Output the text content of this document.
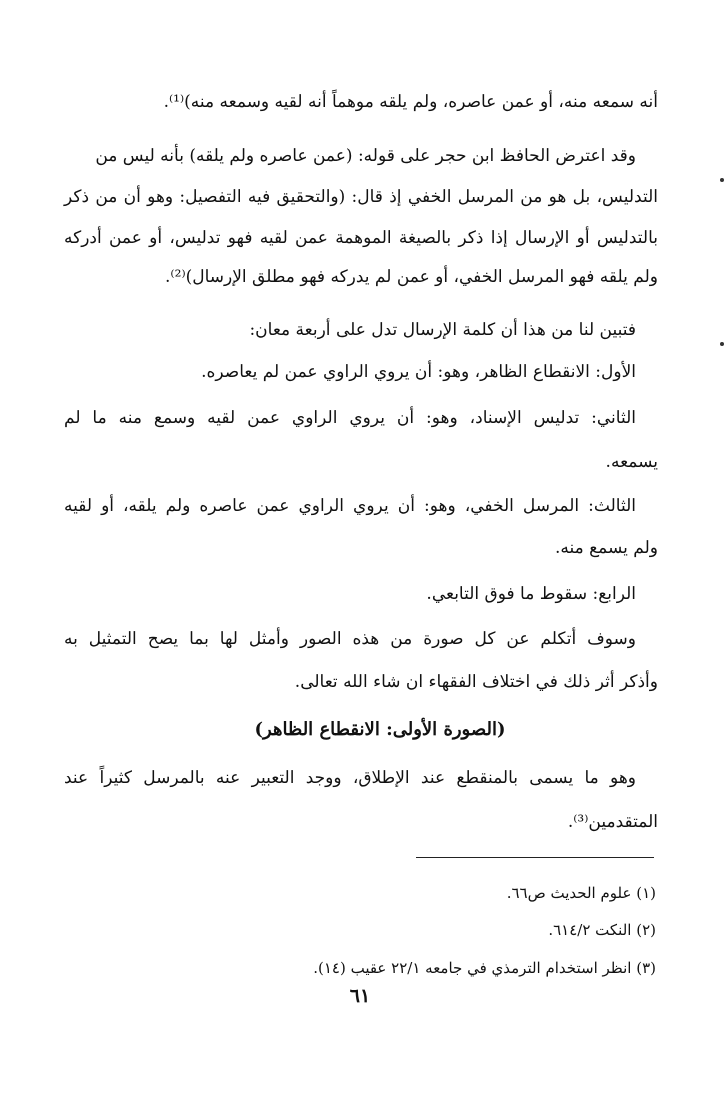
أنه سمعه منه، أو عمن عاصره، ولم يلقه موهماً أنه لقيه وسمعه منه)⁽¹⁾.
وقد اعترض الحافظ ابن حجر على قوله: (عمن عاصره ولم يلقه) بأنه ليس من
التدليس، بل هو من المرسل الخفي إذ قال: (والتحقيق فيه التفصيل: وهو أن من ذكر
بالتدليس أو الإرسال إذا ذكر بالصيغة الموهمة عمن لقيه فهو تدليس، أو عمن أدركه
ولم يلقه فهو المرسل الخفي، أو عمن لم يدركه فهو مطلق الإرسال)⁽²⁾.
فتبين لنا من هذا أن كلمة الإرسال تدل على أربعة معان:
الأول: الانقطاع الظاهر، وهو: أن يروي الراوي عمن لم يعاصره.
الثاني: تدليس الإسناد، وهو: أن يروي الراوي عمن لقيه وسمع منه ما لم
يسمعه.
الثالث: المرسل الخفي، وهو: أن يروي الراوي عمن عاصره ولم يلقه، أو لقيه
ولم يسمع منه.
الرابع: سقوط ما فوق التابعي.
وسوف أتكلم عن كل صورة من هذه الصور وأمثل لها بما يصح التمثيل به
وأذكر أثر ذلك في اختلاف الفقهاء ان شاء الله تعالى.
(الصورة الأولى: الانقطاع الظاهر)
وهو ما يسمى بالمنقطع عند الإطلاق، ووجد التعبير عنه بالمرسل كثيراً عند
المتقدمين⁽³⁾.
(١) علوم الحديث ص٦٦.
(٢) النكت ٦١٤/٢.
(٣) انظر استخدام الترمذي في جامعه ٢٢/١ عقيب (١٤).
٦١
